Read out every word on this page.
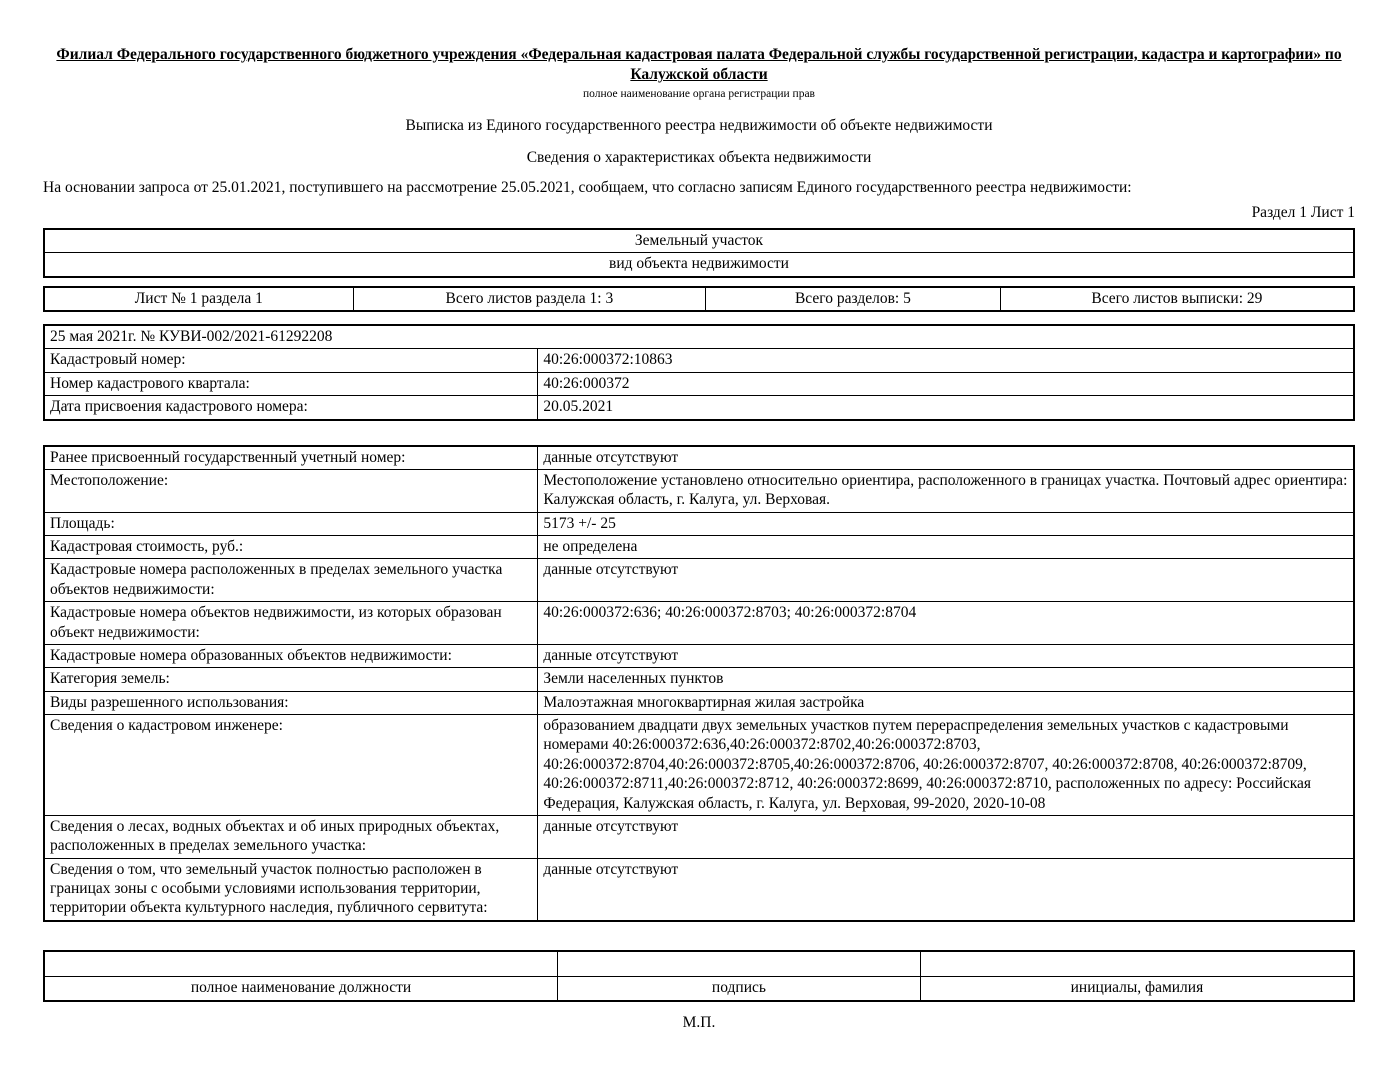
Филиал Федерального государственного бюджетного учреждения «Федеральная кадастровая палата Федеральной службы государственной регистрации, кадастра и картографии» по Калужской области
полное наименование органа регистрации прав
Выписка из Единого государственного реестра недвижимости об объекте недвижимости
Сведения о характеристиках объекта недвижимости
На основании запроса от 25.01.2021, поступившего на рассмотрение 25.05.2021, сообщаем, что согласно записям Единого государственного реестра недвижимости:
Раздел 1 Лист 1
Земельный участок
вид объекта недвижимости
Лист № 1 раздела 1	Всего листов раздела 1: 3	Всего разделов: 5	Всего листов выписки: 29
25 мая 2021г. № КУВИ-002/2021-61292208	
Кадастровый номер:	40:26:000372:10863
Номер кадастрового квартала:	40:26:000372
Дата присвоения кадастрового номера:	20.05.2021
Ранее присвоенный государственный учетный номер:	данные отсутствуют
Местоположение:	Местоположение установлено относительно ориентира, расположенного в границах участка. Почтовый адрес ориентира: Калужская область, г. Калуга, ул. Верховая.
Площадь:	5173 +/- 25
Кадастровая стоимость, руб.:	не определена
Кадастровые номера расположенных в пределах земельного участка объектов недвижимости:	данные отсутствуют
Кадастровые номера объектов недвижимости, из которых образован объект недвижимости:	40:26:000372:636; 40:26:000372:8703; 40:26:000372:8704
Кадастровые номера образованных объектов недвижимости:	данные отсутствуют
Категория земель:	Земли населенных пунктов
Виды разрешенного использования:	Малоэтажная многоквартирная жилая застройка
Сведения о кадастровом инженере:	образованием двадцати двух земельных участков путем перераспределения земельных участков с кадастровыми номерами 40:26:000372:636,40:26:000372:8702,40:26:000372:8703, 40:26:000372:8704,40:26:000372:8705,40:26:000372:8706, 40:26:000372:8707, 40:26:000372:8708, 40:26:000372:8709, 40:26:000372:8711,40:26:000372:8712, 40:26:000372:8699, 40:26:000372:8710, расположенных по адресу: Российская Федерация, Калужская область, г. Калуга, ул. Верховая, 99-2020, 2020-10-08
Сведения о лесах, водных объектах и об иных природных объектах, расположенных в пределах земельного участка:	данные отсутствуют
Сведения о том, что земельный участок полностью расположен в границах зоны с особыми условиями использования территории, территории объекта культурного наследия, публичного сервитута:	данные отсутствуют

полное наименование должности	подпись	инициалы, фамилия
М.П.
